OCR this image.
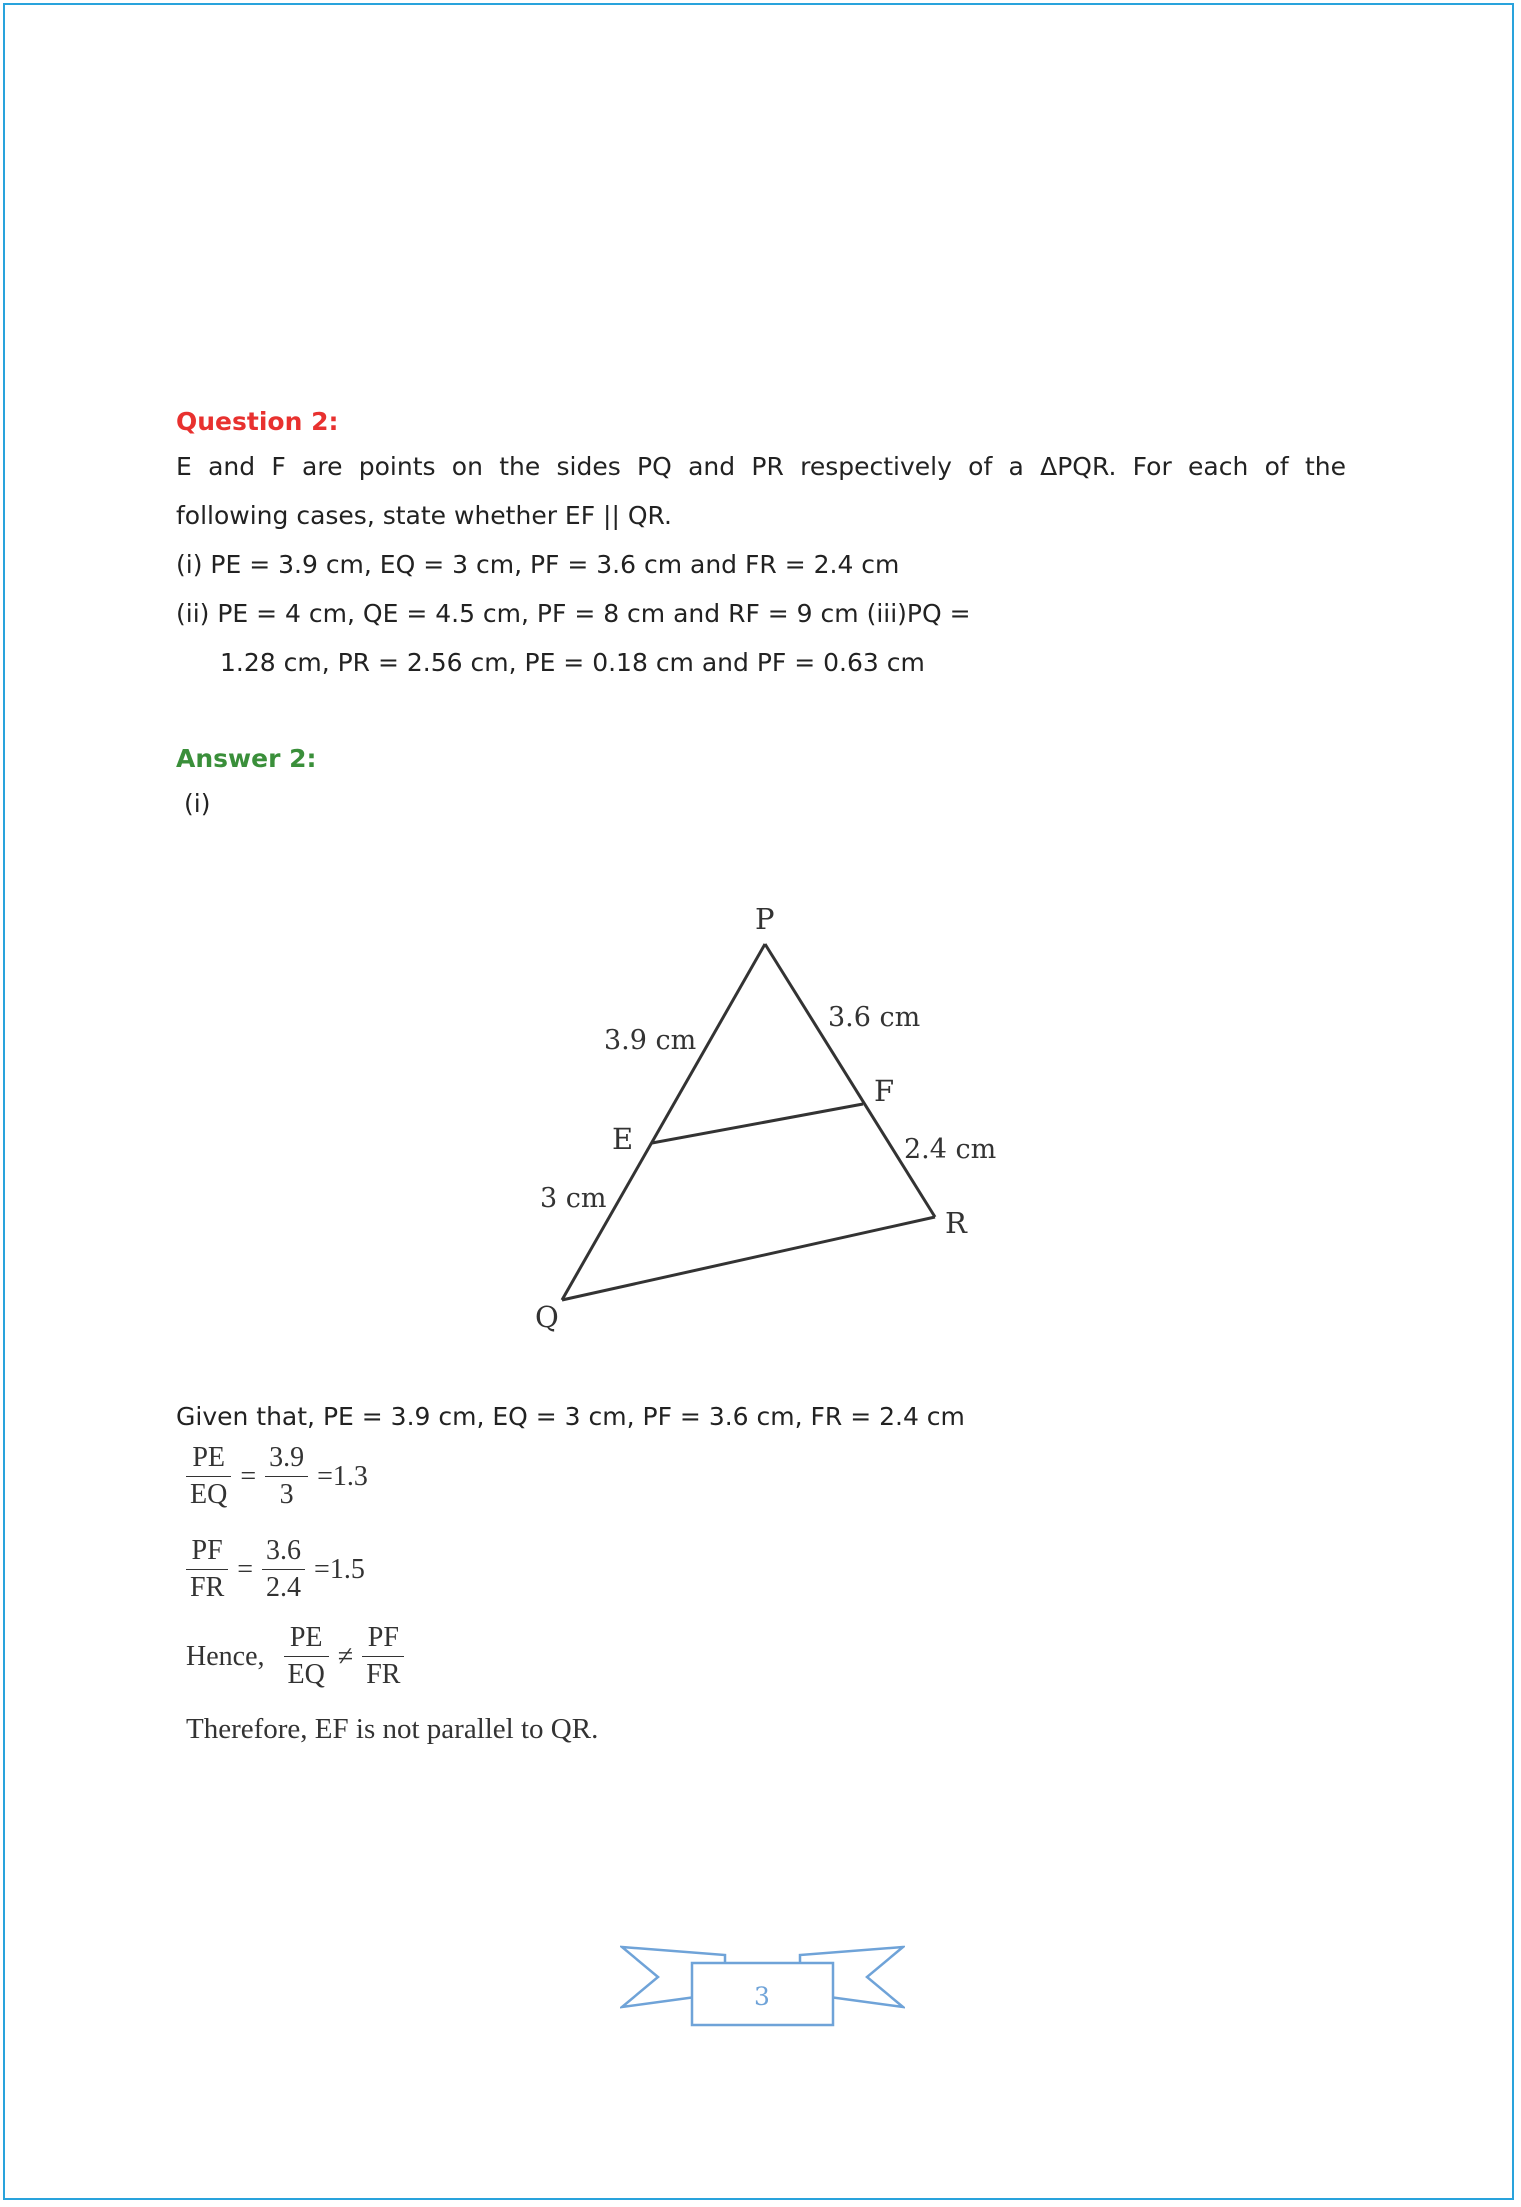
Question 2:

E and F are points on the sides PQ and PR respectively of a ΔPQR. For each of the

following cases, state whether EF || QR.

(i) PE = 3.9 cm, EQ = 3 cm, PF = 3.6 cm and FR = 2.4 cm

(ii) PE = 4 cm, QE = 4.5 cm, PF = 8 cm and RF = 9 cm (iii)PQ =

1.28 cm, PR = 2.56 cm, PE = 0.18 cm and PF = 0.63 cm

Answer 2:

(i)

P
Q
R
E
F
3.9 cm
3.6 cm
2.4 cm
3 cm
Given that, PE = 3.9 cm, EQ = 3 cm, PF = 3.6 cm, FR = 2.4 cm
$\frac{PE}{EQ} = \frac{3.9}{3} =1.3$
$\frac{PF}{FR} = \frac{3.6}{2.4} =1.5$
Hence, $\frac{PE}{EQ} \ne \frac{PF}{FR}$
Therefore, EF is not parallel to QR.
3
